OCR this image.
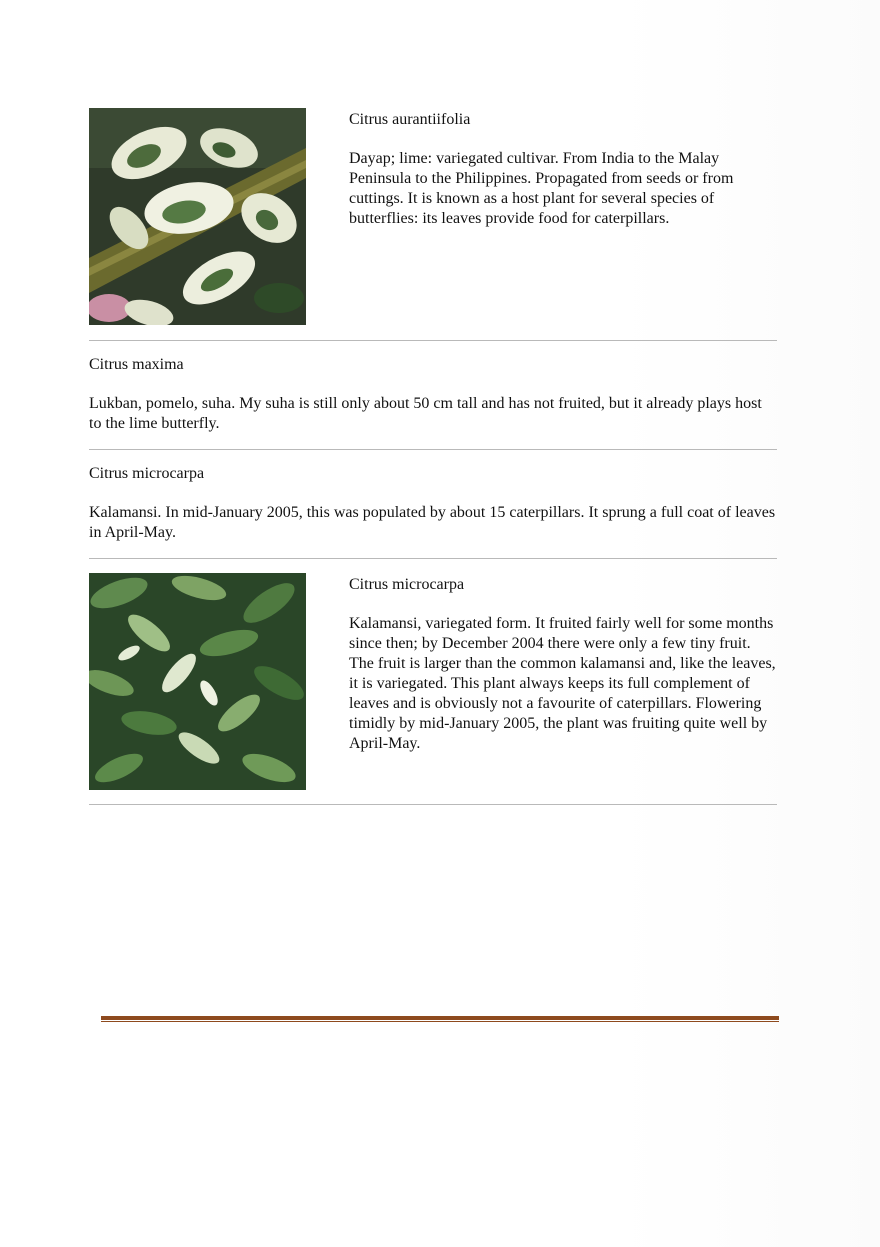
Citrus aurantiifolia

Dayap; lime: variegated cultivar. From India to the Malay Peninsula to the Philippines. Propagated from seeds or from cuttings. It is known as a host plant for several species of butterflies: its leaves provide food for caterpillars.

Citrus maxima

Lukban, pomelo, suha. My suha is still only about 50 cm tall and has not fruited, but it already plays host to the lime butterfly.

Citrus microcarpa

Kalamansi. In mid-January 2005, this was populated by about 15 caterpillars. It sprung a full coat of leaves in April-May.

Citrus microcarpa

Kalamansi, variegated form. It fruited fairly well for some months since then; by December 2004 there were only a few tiny fruit. The fruit is larger than the common kalamansi and, like the leaves, it is variegated. This plant always keeps its full complement of leaves and is obviously not a favourite of caterpillars. Flowering timidly by mid-January 2005, the plant was fruiting quite well by April-May.
